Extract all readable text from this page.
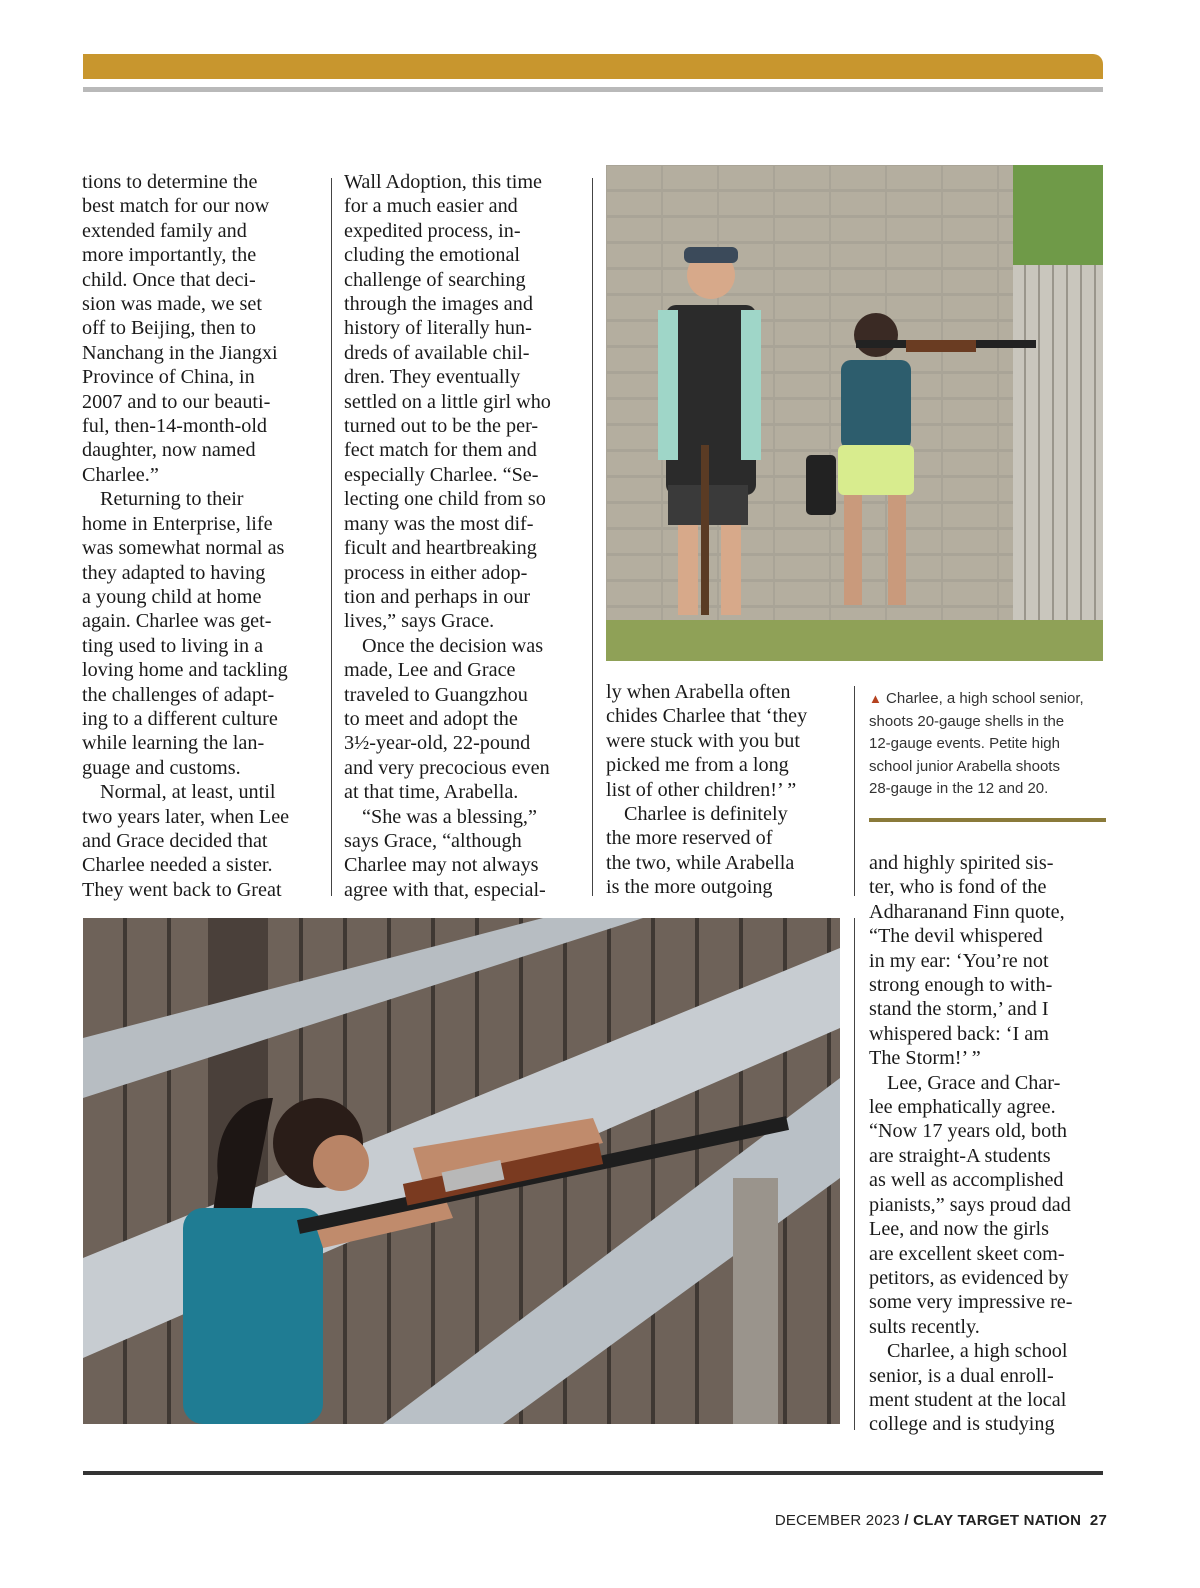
tions to determine the
best match for our now
extended family and
more importantly, the
child. Once that deci-
sion was made, we set
off to Beijing, then to
Nanchang in the Jiangxi
Province of China, in
2007 and to our beauti-
ful, then-14-month-old
daughter, now named
Charlee.”
Returning to their
home in Enterprise, life
was somewhat normal as
they adapted to having
a young child at home
again. Charlee was get-
ting used to living in a
loving home and tackling
the challenges of adapt-
ing to a different culture
while learning the lan-
guage and customs.
Normal, at least, until
two years later, when Lee
and Grace decided that
Charlee needed a sister.
They went back to Great
Wall Adoption, this time
for a much easier and
expedited process, in-
cluding the emotional
challenge of searching
through the images and
history of literally hun-
dreds of available chil-
dren. They eventually
settled on a little girl who
turned out to be the per-
fect match for them and
especially Charlee. “Se-
lecting one child from so
many was the most dif-
ficult and heartbreaking
process in either adop-
tion and perhaps in our
lives,” says Grace.
Once the decision was
made, Lee and Grace
traveled to Guangzhou
to meet and adopt the
3½-year-old, 22-pound
and very precocious even
at that time, Arabella.
“She was a blessing,”
says Grace, “although
Charlee may not always
agree with that, especial-
ly when Arabella often
chides Charlee that ‘they
were stuck with you but
picked me from a long
list of other children!’ ”
Charlee is definitely
the more reserved of
the two, while Arabella
is the more outgoing
▲ Charlee, a high school senior,
shoots 20-gauge shells in the
12-gauge events. Petite high
school junior Arabella shoots
28-gauge in the 12 and 20.
and highly spirited sis-
ter, who is fond of the
Adharanand Finn quote,
“The devil whispered
in my ear: ‘You’re not
strong enough to with-
stand the storm,’ and I
whispered back: ‘I am
The Storm!’ ”
Lee, Grace and Char-
lee emphatically agree.
“Now 17 years old, both
are straight-A students
as well as accomplished
pianists,” says proud dad
Lee, and now the girls
are excellent skeet com-
petitors, as evidenced by
some very impressive re-
sults recently.
Charlee, a high school
senior, is a dual enroll-
ment student at the local
college and is studying
DECEMBER 2023 / CLAY TARGET NATION 27
